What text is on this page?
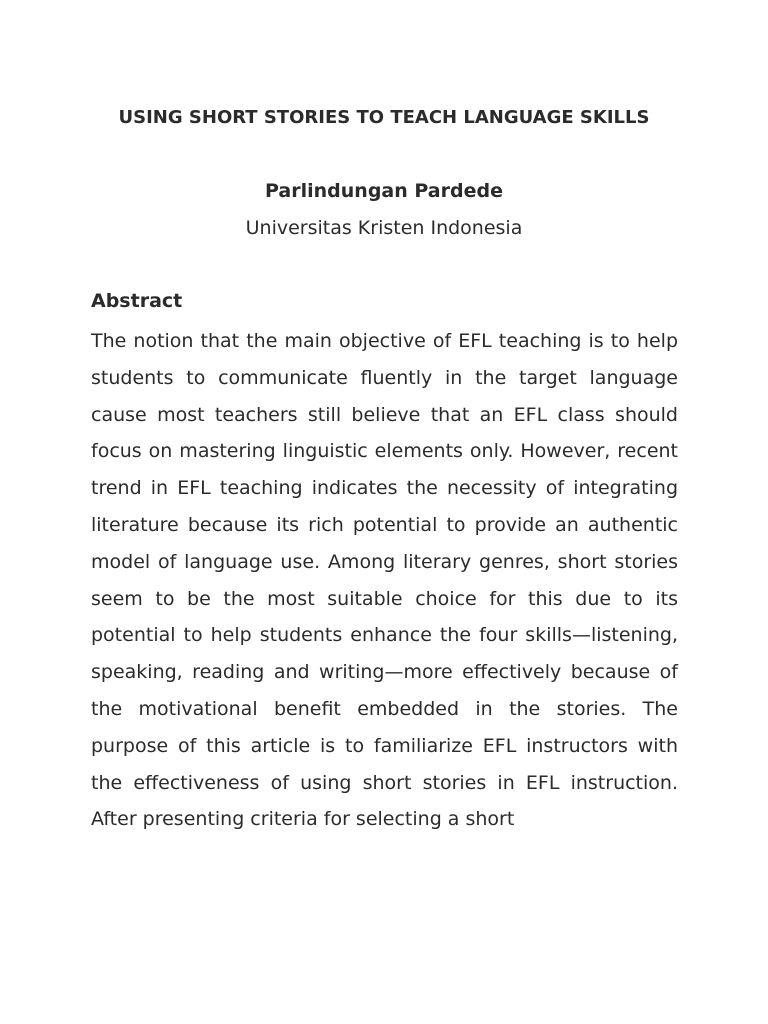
USING SHORT STORIES TO TEACH LANGUAGE SKILLS

Parlindungan Pardede

Universitas Kristen Indonesia

Abstract

The notion that the main objective of EFL teaching is to help students to communicate fluently in the target language cause most teachers still believe that an EFL class should focus on mastering linguistic elements only. However, recent trend in EFL teaching indicates the necessity of integrating literature because its rich potential to provide an authentic model of language use. Among literary genres, short stories seem to be the most suitable choice for this due to its potential to help students enhance the four skills—listening, speaking, reading and writing—more effectively because of the motivational benefit embedded in the stories. The purpose of this article is to familiarize EFL instructors with the effectiveness of using short stories in EFL instruction. After presenting criteria for selecting a short
